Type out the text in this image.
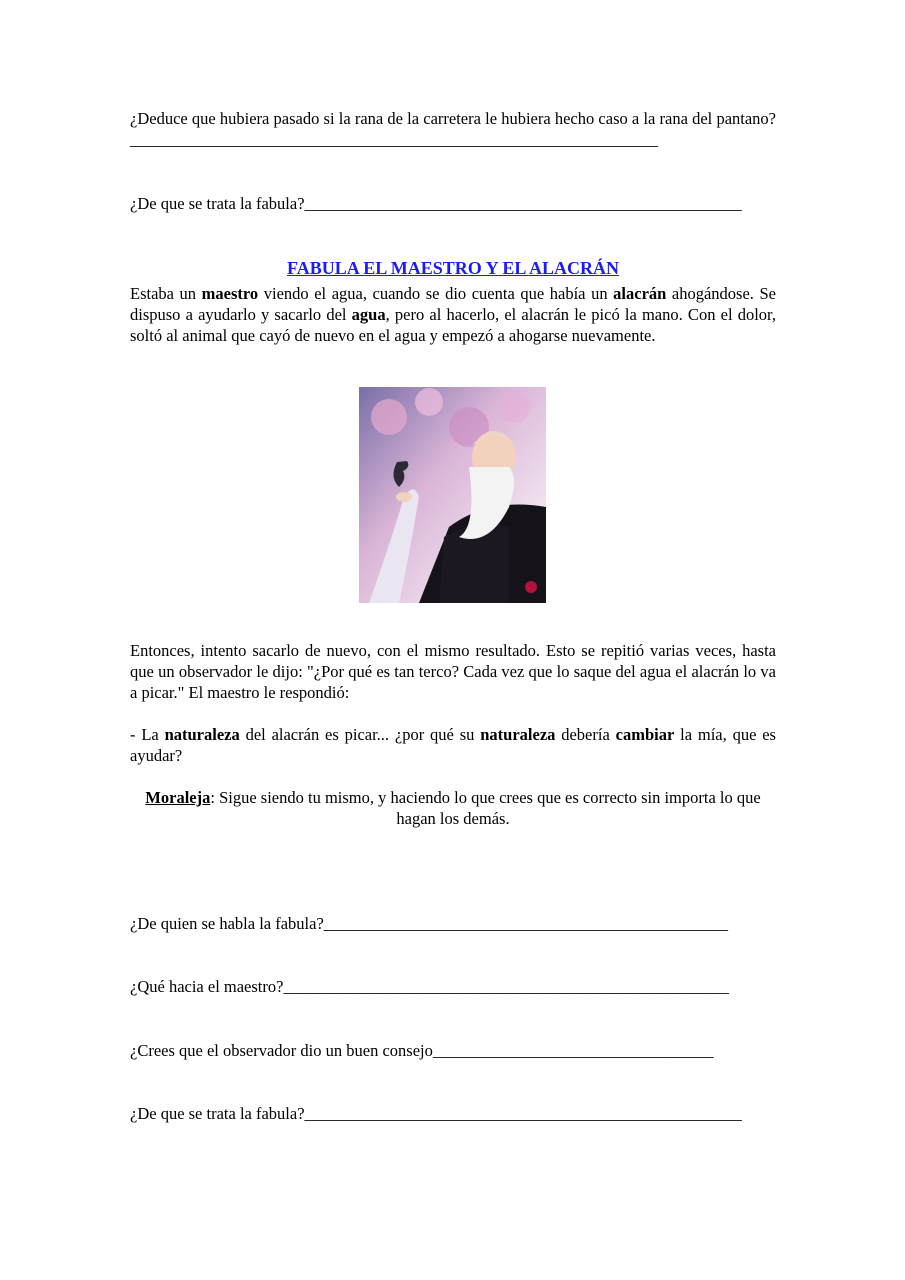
¿Deduce que hubiera pasado si la rana de la carretera le hubiera hecho caso a la rana del pantano?________________________________________________________________
¿De que se trata la fabula?_____________________________________________________
FABULA EL MAESTRO Y EL ALACRÁN
Estaba un maestro viendo el agua, cuando se dio cuenta que había un alacrán ahogándose. Se dispuso a ayudarlo y sacarlo del agua, pero al hacerlo, el alacrán le picó la mano. Con el dolor, soltó al animal que cayó de nuevo en el agua y empezó a ahogarse nuevamente.
Entonces, intento sacarlo de nuevo, con el mismo resultado. Esto se repitió varias veces, hasta que un observador le dijo: "¿Por qué es tan terco? Cada vez que lo saque del agua el alacrán lo va a picar." El maestro le respondió:
- La naturaleza del alacrán es picar... ¿por qué su naturaleza debería cambiar la mía, que es ayudar?
Moraleja: Sigue siendo tu mismo, y haciendo lo que crees que es correcto sin importa lo que hagan los demás.
¿De quien se habla la fabula?_________________________________________________
¿Qué hacia el maestro?______________________________________________________
¿Crees que el observador dio un buen consejo__________________________________
¿De que se trata la fabula?_____________________________________________________
